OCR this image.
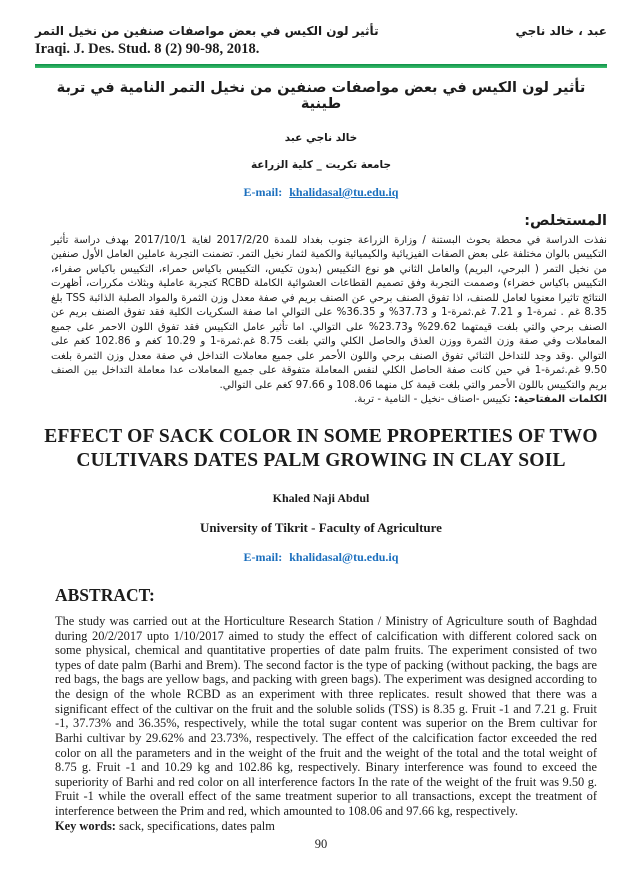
تأثير لون الكيس في بعض مواصفات صنفين من نخيل التمر	عبد ، خالد ناجي
Iraqi. J. Des. Stud. 8 (2) 90-98, 2018.
تأثير لون الكيس في بعض مواصفات صنفين من نخيل التمر النامية في تربة طينية
خالد ناجي عبد
جامعة تكريت _ كلية الزراعة
E-mail: khalidasal@tu.edu.iq
المستخلص:
نفذت الدراسة في محطة بحوث البستنة / وزارة الزراعة جنوب بغداد للمدة 2017/2/20 لغاية 2017/10/1 بهدف دراسة تأثير التكييس بالوان مختلفة على بعض الصفات الفيزيائية والكيميائية والكمية لثمار نخيل التمر. تضمنت التجربة عاملين العامل الأول صنفين من نخيل التمر ( البرحي، البريم) والعامل الثاني هو نوع التكييس (بدون تكيس، التكييس باكياس حمراء، التكييس باكياس صفراء، التكييس باكياس خضراء) وصممت التجربة وفق تصميم القطاعات العشوائية الكاملة RCBD كتجربة عاملية وبثلاث مكررات، أظهرت النتائج تاثيرا معنويا لعامل للصنف، اذا تفوق الصنف برحي عن الصنف بريم في صفة معدل وزن الثمرة والمواد الصلبة الذائبة TSS بلغ 8.35 غم . ثمرة-1 و 7.21 غم.ثمرة-1 و 37.73% و 36.35% على التوالي اما صفة السكريات الكلية فقد تفوق الصنف بريم عن الصنف برحي والتي بلغت قيمتهما 29.62% و23.73% على التوالي. اما تأثير عامل التكييس فقد تفوق اللون الاحمر على جميع المعاملات وفي صفة وزن الثمرة ووزن العذق والحاصل الكلي والتي بلغت 8.75 غم.ثمرة-1 و 10.29 كغم و 102.86 كغم على التوالي .وقد وجد للتداخل الثنائي تفوق الصنف برحي واللون الأحمر على جميع معاملات التداخل في صفة معدل وزن الثمرة بلغت 9.50 غم.ثمرة-1 في حين كانت صفة الحاصل الكلي لنفس المعاملة متفوقة على جميع المعاملات عدا معاملة التداخل بين الصنف بريم والتكييس باللون الأحمر والتي بلغت قيمة كل منهما 108.06 و 97.66 كغم على التوالي.
الكلمات المفتاحية: تكييس -اصناف -نخيل - النامية - تربة.
EFFECT OF SACK COLOR IN SOME PROPERTIES OF TWO CULTIVARS DATES PALM GROWING IN CLAY SOIL
Khaled Naji Abdul
University of Tikrit - Faculty of Agriculture
E-mail: khalidasal@tu.edu.iq
ABSTRACT:
The study was carried out at the Horticulture Research Station / Ministry of Agriculture south of Baghdad during 20/2/2017 upto 1/10/2017 aimed to study the effect of calcification with different colored sack on some physical, chemical and quantitative properties of date palm fruits. The experiment consisted of two types of date palm (Barhi and Brem). The second factor is the type of packing (without packing, the bags are red bags, the bags are yellow bags, and packing with green bags). The experiment was designed according to the design of the whole RCBD as an experiment with three replicates. result showed that there was a significant effect of the cultivar on the fruit and the soluble solids (TSS) is 8.35 g. Fruit -1 and 7.21 g. Fruit -1, 37.73% and 36.35%, respectively, while the total sugar content was superior on the Brem cultivar for Barhi cultivar by 29.62% and 23.73%, respectively. The effect of the calcification factor exceeded the red color on all the parameters and in the weight of the fruit and the weight of the total and the total weight of 8.75 g. Fruit -1 and 10.29 kg and 102.86 kg, respectively. Binary interference was found to exceed the superiority of Barhi and red color on all interference factors In the rate of the weight of the fruit was 9.50 g. Fruit -1 while the overall effect of the same treatment superior to all transactions, except the treatment of interference between the Prim and red, which amounted to 108.06 and 97.66 kg, respectively.
Key words: sack, specifications, dates palm
90
